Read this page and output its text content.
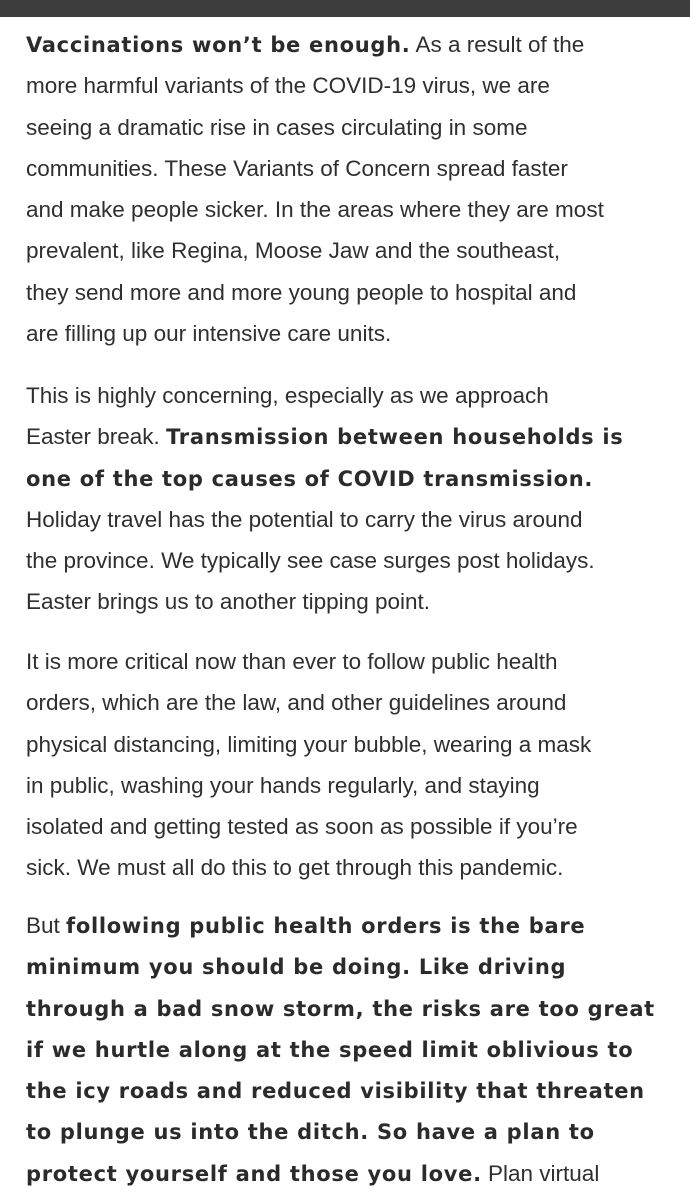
Vaccinations won’t be enough. As a result of the
more harmful variants of the COVID-19 virus, we are
seeing a dramatic rise in cases circulating in some
communities. These Variants of Concern spread faster
and make people sicker. In the areas where they are most
prevalent, like Regina, Moose Jaw and the southeast,
they send more and more young people to hospital and
are filling up our intensive care units.

This is highly concerning, especially as we approach
Easter break. Transmission between households is
one of the top causes of COVID transmission.
Holiday travel has the potential to carry the virus around
the province. We typically see case surges post holidays.
Easter brings us to another tipping point.

It is more critical now than ever to follow public health
orders, which are the law, and other guidelines around
physical distancing, limiting your bubble, wearing a mask
in public, washing your hands regularly, and staying
isolated and getting tested as soon as possible if you’re
sick. We must all do this to get through this pandemic.

But following public health orders is the bare
minimum you should be doing. Like driving
through a bad snow storm, the risks are too great
if we hurtle along at the speed limit oblivious to
the icy roads and reduced visibility that threaten
to plunge us into the ditch. So have a plan to
protect yourself and those you love. Plan virtual
